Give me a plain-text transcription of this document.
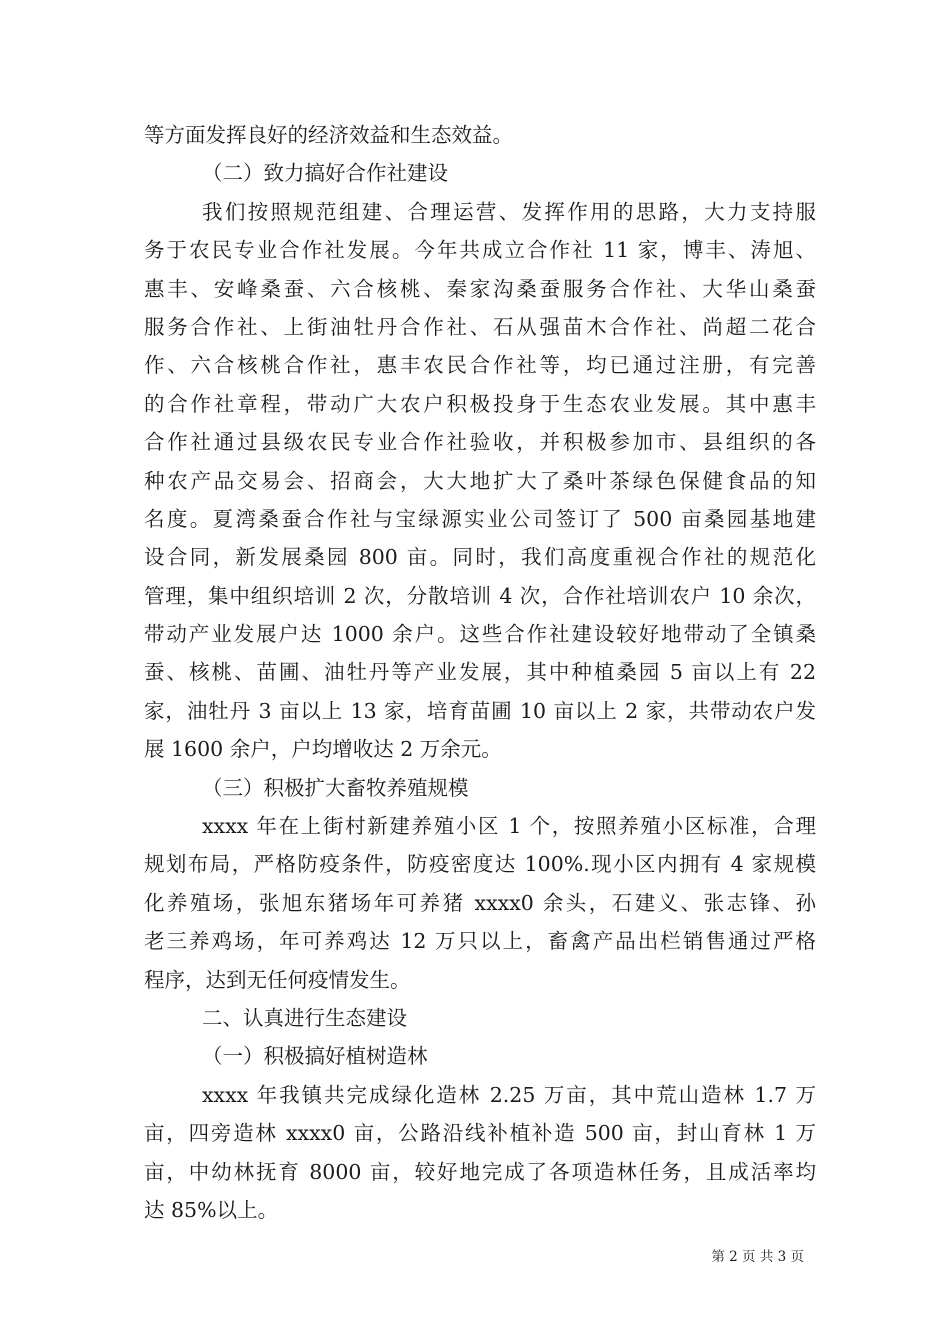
等方面发挥良好的经济效益和生态效益。
（二）致力搞好合作社建设
我们按照规范组建、合理运营、发挥作用的思路，大力支持服
务于农民专业合作社发展。今年共成立合作社 11 家，博丰、涛旭、
惠丰、安峰桑蚕、六合核桃、秦家沟桑蚕服务合作社、大华山桑蚕
服务合作社、上街油牡丹合作社、石从强苗木合作社、尚超二花合
作、六合核桃合作社，惠丰农民合作社等，均已通过注册，有完善
的合作社章程，带动广大农户积极投身于生态农业发展。其中惠丰
合作社通过县级农民专业合作社验收，并积极参加市、县组织的各
种农产品交易会、招商会，大大地扩大了桑叶茶绿色保健食品的知
名度。夏湾桑蚕合作社与宝绿源实业公司签订了 500 亩桑园基地建
设合同，新发展桑园 800 亩。同时，我们高度重视合作社的规范化
管理，集中组织培训 2 次，分散培训 4 次，合作社培训农户 10 余次，
带动产业发展户达 1000 余户。这些合作社建设较好地带动了全镇桑
蚕、核桃、苗圃、油牡丹等产业发展，其中种植桑园 5 亩以上有 22
家，油牡丹 3 亩以上 13 家，培育苗圃 10 亩以上 2 家，共带动农户发
展 1600 余户，户均增收达 2 万余元。
（三）积极扩大畜牧养殖规模
xxxx 年在上街村新建养殖小区 1 个，按照养殖小区标准，合理
规划布局，严格防疫条件，防疫密度达 100%.现小区内拥有 4 家规模
化养殖场，张旭东猪场年可养猪 xxxx0 余头，石建义、张志锋、孙
老三养鸡场，年可养鸡达 12 万只以上，畜禽产品出栏销售通过严格
程序，达到无任何疫情发生。
二、认真进行生态建设
（一）积极搞好植树造林
xxxx 年我镇共完成绿化造林 2.25 万亩，其中荒山造林 1.7 万
亩，四旁造林 xxxx0 亩，公路沿线补植补造 500 亩，封山育林 1 万
亩，中幼林抚育 8000 亩，较好地完成了各项造林任务，且成活率均
达 85%以上。
第 2 页 共 3 页
